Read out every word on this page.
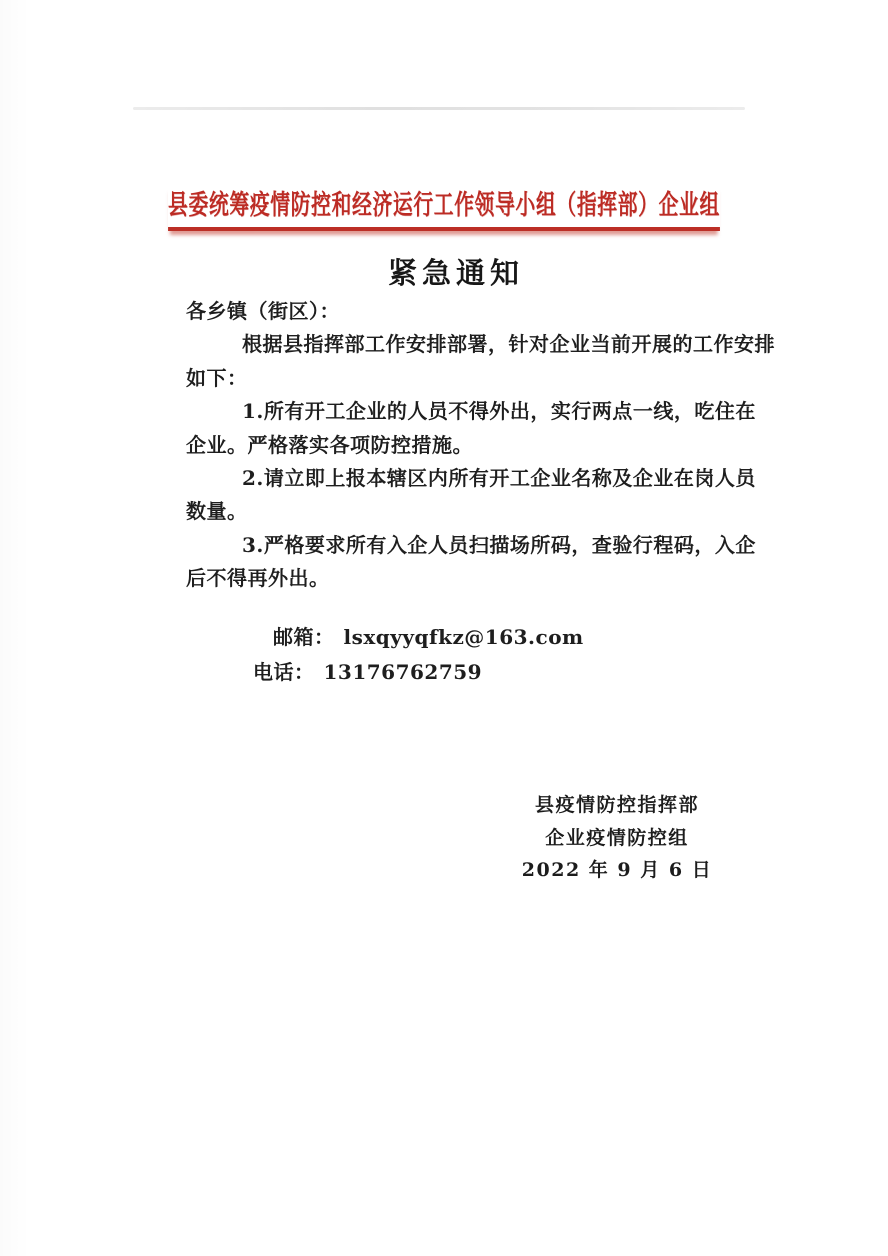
县委统筹疫情防控和经济运行工作领导小组（指挥部）企业组
紧急通知
各乡镇（街区）：
根据县指挥部工作安排部署，针对企业当前开展的工作安排
如下：
1.所有开工企业的人员不得外出，实行两点一线，吃住在
企业。严格落实各项防控措施。
2.请立即上报本辖区内所有开工企业名称及企业在岗人员
数量。
3.严格要求所有入企人员扫描场所码，查验行程码，入企
后不得再外出。
邮箱： lsxqyyqfkz@163.com
电话： 13176762759
县疫情防控指挥部
企业疫情防控组
2022 年 9 月 6 日
